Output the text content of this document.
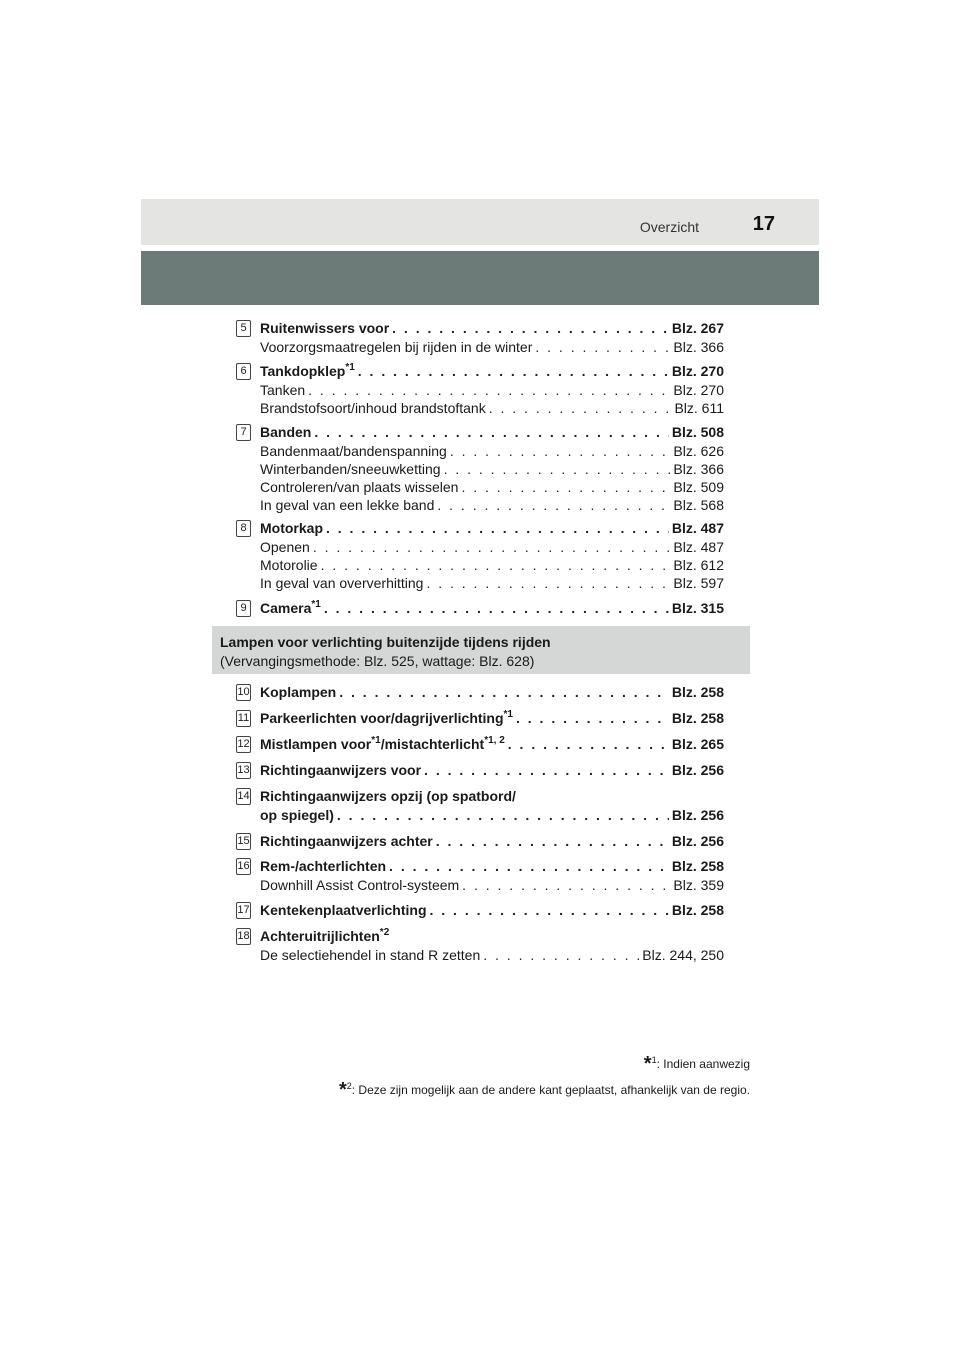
Overzicht	17
5 Ruitenwissers voor . . .	Blz. 267
Voorzorgsmaatregelen bij rijden in de winter . . .	Blz. 366
6 Tankdopklep$^{*1}$ . . .	Blz. 270
Tanken . . .	Blz. 270
Brandstofsoort/inhoud brandstoftank . . .	Blz. 611
7 Banden . . .	Blz. 508
Bandenmaat/bandenspanning . . .	Blz. 626
Winterbanden/sneeuwketting . . .	Blz. 366
Controleren/van plaats wisselen . . .	Blz. 509
In geval van een lekke band . . .	Blz. 568
8 Motorkap . . .	Blz. 487
Openen . . .	Blz. 487
Motorolie . . .	Blz. 612
In geval van oververhitting . . .	Blz. 597
9 Camera$^{*1}$ . . .	Blz. 315
Lampen voor verlichting buitenzijde tijdens rijden
(Vervangingsmethode: Blz. 525, wattage: Blz. 628)
10 Koplampen . . .	Blz. 258
11 Parkeerlichten voor/dagrijverlichting$^{*1}$ . . .	Blz. 258
12 Mistlampen voor$^{*1}$/mistachterlicht$^{*1, 2}$ . . .	Blz. 265
13 Richtingaanwijzers voor . . .	Blz. 256
14 Richtingaanwijzers opzij (op spatbord/
op spiegel) . . .	Blz. 256
15 Richtingaanwijzers achter . . .	Blz. 256
16 Rem-/achterlichten . . .	Blz. 258
Downhill Assist Control-systeem . . .	Blz. 359
17 Kentekenplaatverlichting . . .	Blz. 258
18 Achteruitrijlichten$^{*2}$
De selectiehendel in stand R zetten . . .	Blz. 244, 250
*$^1$: Indien aanwezig
*$^2$: Deze zijn mogelijk aan de andere kant geplaatst, afhankelijk van de regio.
